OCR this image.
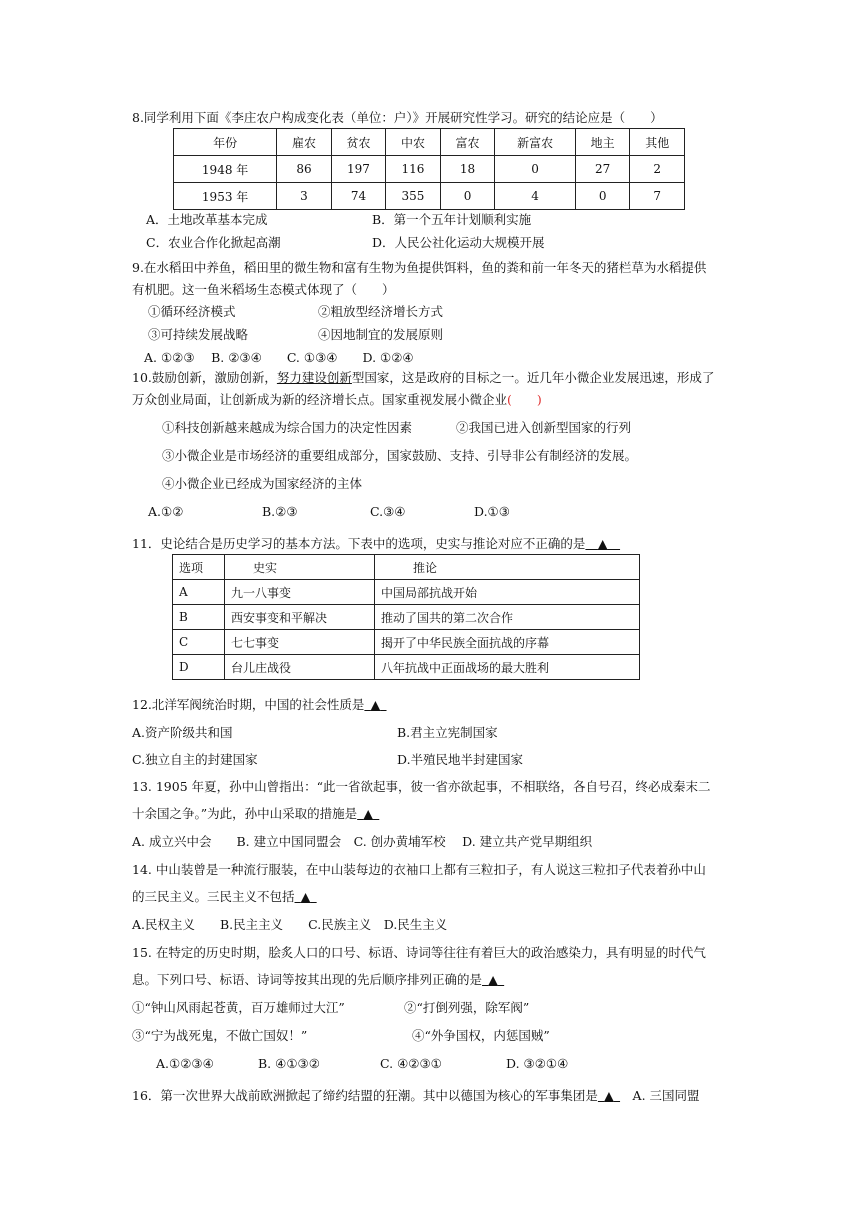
8.同学利用下面《李庄农户构成变化表（单位：户）》开展研究性学习。研究的结论应是（　　）
年份	雇农	贫农	中农	富农	新富农	地主	其他
1948 年	86	197	116	18	0	27	2
1953 年	3	74	355	0	4	0	7
A．土地改革基本完成	B．第一个五年计划顺利实施
C．农业合作化掀起高潮	D．人民公社化运动大规模开展
9.在水稻田中养鱼，稻田里的微生物和富有生物为鱼提供饵料，鱼的粪和前一年冬天的猪栏草为水稻提供
有机肥。这一鱼米稻场生态模式体现了（　　）
①循环经济模式	②粗放型经济增长方式
③可持续发展战略	④因地制宜的发展原则
A. ①②③　 B. ②③④　　C. ①③④　　D. ①②④
10.鼓励创新，激励创新，努力建设创新型国家，这是政府的目标之一。近几年小微企业发展迅速，形成了
万众创业局面，让创新成为新的经济增长点。国家重视发展小微企业(　　)
①科技创新越来越成为综合国力的决定性因素	②我国已进入创新型国家的行列
③小微企业是市场经济的重要组成部分，国家鼓励、支持、引导非公有制经济的发展。
④小微企业已经成为国家经济的主体
A.①②	B.②③	C.③④	D.①③
11．史论结合是历史学习的基本方法。下表中的选项，史实与推论对应不正确的是   ▲  
选项	史实	推论
A	九一八事变	中国局部抗战开始
B	西安事变和平解决	推动了国共的第二次合作
C	七七事变	揭开了中华民族全面抗战的序幕
D	台儿庄战役	八年抗战中正面战场的最大胜利
12.北洋军阀统治时期，中国的社会性质是  ▲ 
A.资产阶级共和国	B.君主立宪制国家
C.独立自主的封建国家	D.半殖民地半封建国家
13. 1905 年夏，孙中山曾指出：“此一省欲起事，彼一省亦欲起事，不相联络，各自号召，终必成秦末二
十余国之争。”为此，孙中山采取的措施是  ▲ 
A. 成立兴中会　　B. 建立中国同盟会　C. 创办黄埔军校　 D. 建立共产党早期组织
14. 中山装曾是一种流行服装，在中山装每边的衣袖口上都有三粒扣子，有人说这三粒扣子代表着孙中山
的三民主义。三民主义不包括  ▲ 
A.民权主义　　B.民主主义　　C.民族主义　D.民生主义
15. 在特定的历史时期，脍炙人口的口号、标语、诗词等往往有着巨大的政治感染力，具有明显的时代气
息。下列口号、标语、诗词等按其出现的先后顺序排列正确的是  ▲ 
①“钟山风雨起苍黄，百万雄师过大江”	②“打倒列强，除军阀”
③“宁为战死鬼，不做亡国奴！”	④“外争国权，内惩国贼”
A.①②③④	B. ④①③②	C. ④②③①	D. ③②①④
16．第一次世界大战前欧洲掀起了缔约结盟的狂潮。其中以德国为核心的军事集团是  ▲    A. 三国同盟
